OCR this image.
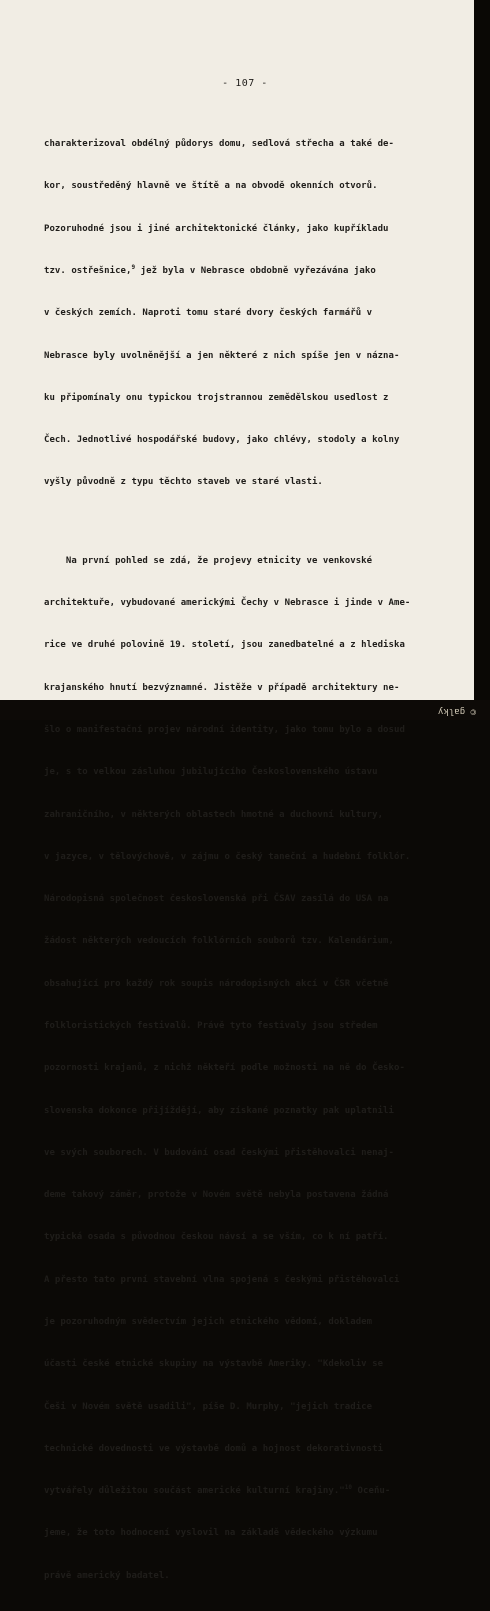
- 107 -

charakterizoval obdélný půdorys domu, sedlová střecha a také de-

kor, soustředěný hlavně ve štítě a na obvodě okenních otvorů.

Pozoruhodné jsou i jiné architektonické články, jako kupříkladu

tzv. ostřešnice,$^9$ jež byla v Nebrasce obdobně vyřezávána jako

v českých zemích. Naproti tomu staré dvory českých farmářů v

Nebrasce byly uvolněnější a jen některé z nich spíše jen v názna-

ku připomínaly onu typickou trojstrannou zemědělskou usedlost z

Čech. Jednotlivé hospodářské budovy, jako chlévy, stodoly a kolny

vyšly původně z typu těchto staveb ve staré vlasti.

Na první pohled se zdá, že projevy etnicity ve venkovské

architektuře, vybudované americkými Čechy v Nebrasce i jinde v Ame-

rice ve druhé polovině 19. století, jsou zanedbatelné a z hlediska

krajanského hnutí bezvýznamné. Jistěže v případě architektury ne-

šlo o manifestační projev národní identity, jako tomu bylo a dosud

je, s to velkou zásluhou jubilujícího Československého ústavu

zahraničního, v některých oblastech hmotné a duchovní kultury,

v jazyce, v tělovýchově, v zájmu o český taneční a hudební folklór.

Národopisná společnost československá při ČSAV zasílá do USA na

žádost některých vedoucích folklórních souborů tzv. Kalendárium,

obsahující pro každý rok soupis národopisných akcí v ČSR včetně

folkloristických festivalů. Právě tyto festivaly jsou středem

pozornosti krajanů, z nichž někteří podle možnosti na ně do Česko-

slovenska dokonce přijíždějí, aby získané poznatky pak uplatnili

ve svých souborech. V budování osad českými přistěhovalci nenaj-

deme takový záměr, protože v Novém světě nebyla postavena žádná

typická osada s původnou českou návsí a se vším, co k ní patří.

A přesto tato první stavební vlna spojená s českými přistěhovalci

je pozoruhodným svědectvím jejich etnického vědomí, dokladem

účasti české etnické skupiny na výstavbě Ameriky. "Kdekoliv se

Češi v Novém světě usadili", píše D. Murphy, "jejich tradice

technické dovednosti ve výstavbě domů a hojnost dekorativnosti

vytvářely důležitou součást americké kulturní krajiny."$^{10}$ Oceňu-

jeme, že toto hodnocení vyslovil na základě vědeckého výzkumu

právě americký badatel.

© galky
